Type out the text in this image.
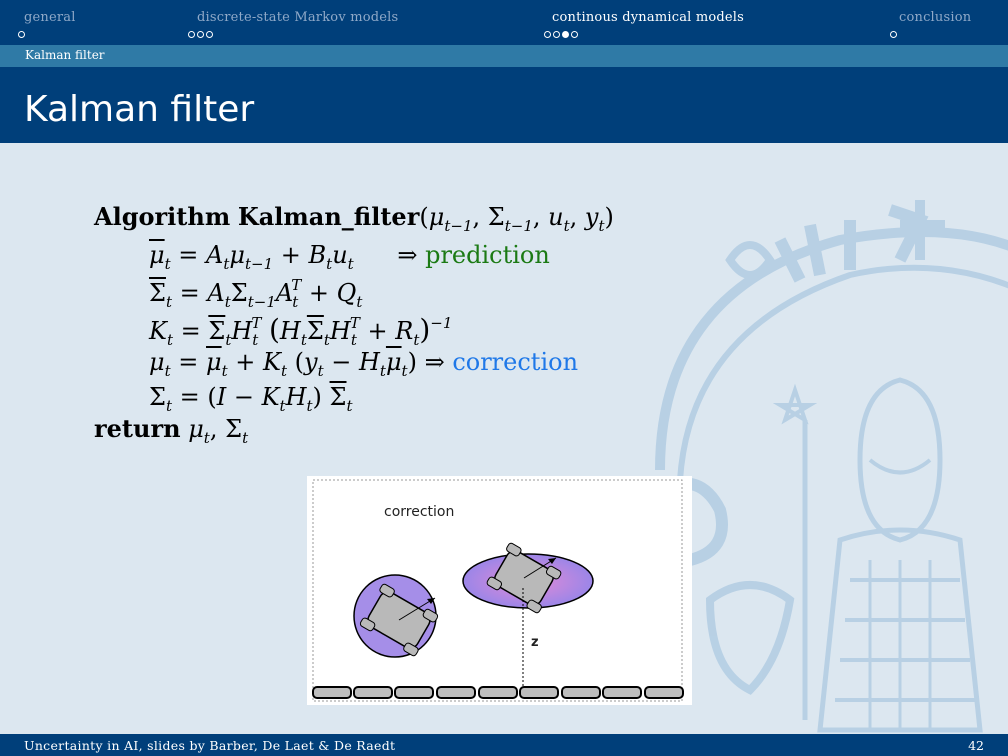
general	discrete-state Markov models	continous dynamical models	conclusion
Kalman filter
Kalman filter
Algorithm $Kalman\_filter(\mu_{t-1}$, $\Sigma_{t-1}$, $u_t$, $y_t$)
$\overline{\mu}_t = A_t\mu_{t-1} + B_tu_t$ ⇒ prediction
$\overline{\Sigma}_t = A_t\Sigma_{t-1}A_t^T + Q_t$
$K_t = \overline{\Sigma}_tH_t^T$ $(H_t\overline{\Sigma}_tH_t^T + R_t)^{-1}$
$\mu_t = \overline{\mu}_t + K_t$ $(y_t - H_t\overline{\mu}_t)$ ⇒ correction
$\Sigma_t = (I - K_tH_t)$ $\overline{\Sigma}_t$
return $\mu_t$, $\Sigma_t$
correction
z
Uncertainty in AI, slides by Barber, De Laet & De Raedt	42
